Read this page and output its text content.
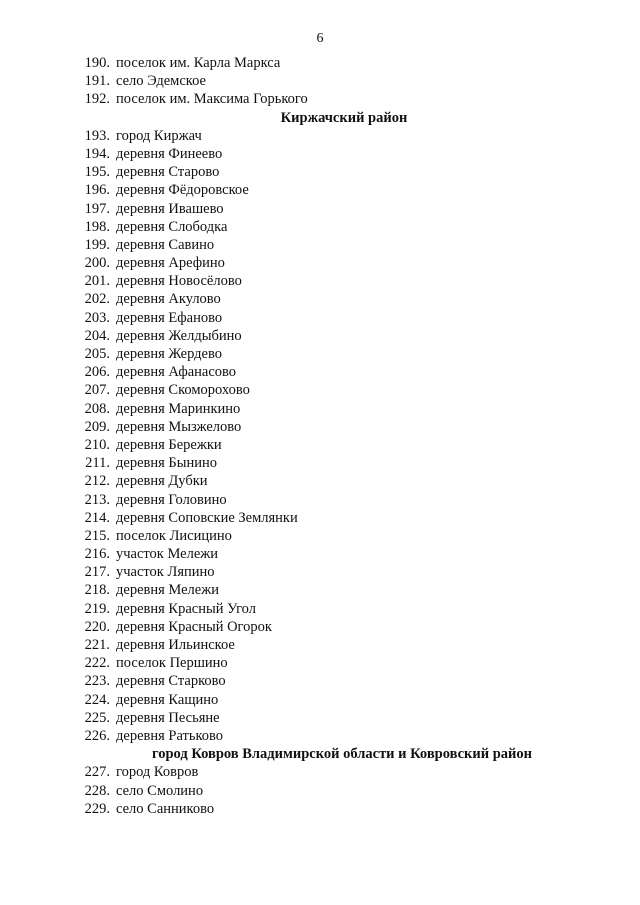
6
190. поселок им. Карла Маркса
191. село Эдемское
192. поселок им. Максима Горького
Киржачский район
193. город Киржач
194. деревня Финеево
195. деревня Старово
196. деревня Фёдоровское
197. деревня Ивашево
198. деревня Слободка
199. деревня Савино
200. деревня Арефино
201. деревня Новосёлово
202. деревня Акулово
203. деревня Ефаново
204. деревня Желдыбино
205. деревня Жердево
206. деревня Афанасово
207. деревня Скоморохово
208. деревня Маринкино
209. деревня Мызжелово
210. деревня Бережки
211. деревня Бынино
212. деревня Дубки
213. деревня Головино
214. деревня Соповские Землянки
215. поселок Лисицино
216. участок Мележи
217. участок Ляпино
218. деревня Мележи
219. деревня Красный Угол
220. деревня Красный Огорок
221. деревня Ильинское
222. поселок Першино
223. деревня Старково
224. деревня Кащино
225. деревня Песьяне
226. деревня Ратьково
город Ковров Владимирской области и Ковровский район
227. город Ковров
228. село Смолино
229. село Санниково
